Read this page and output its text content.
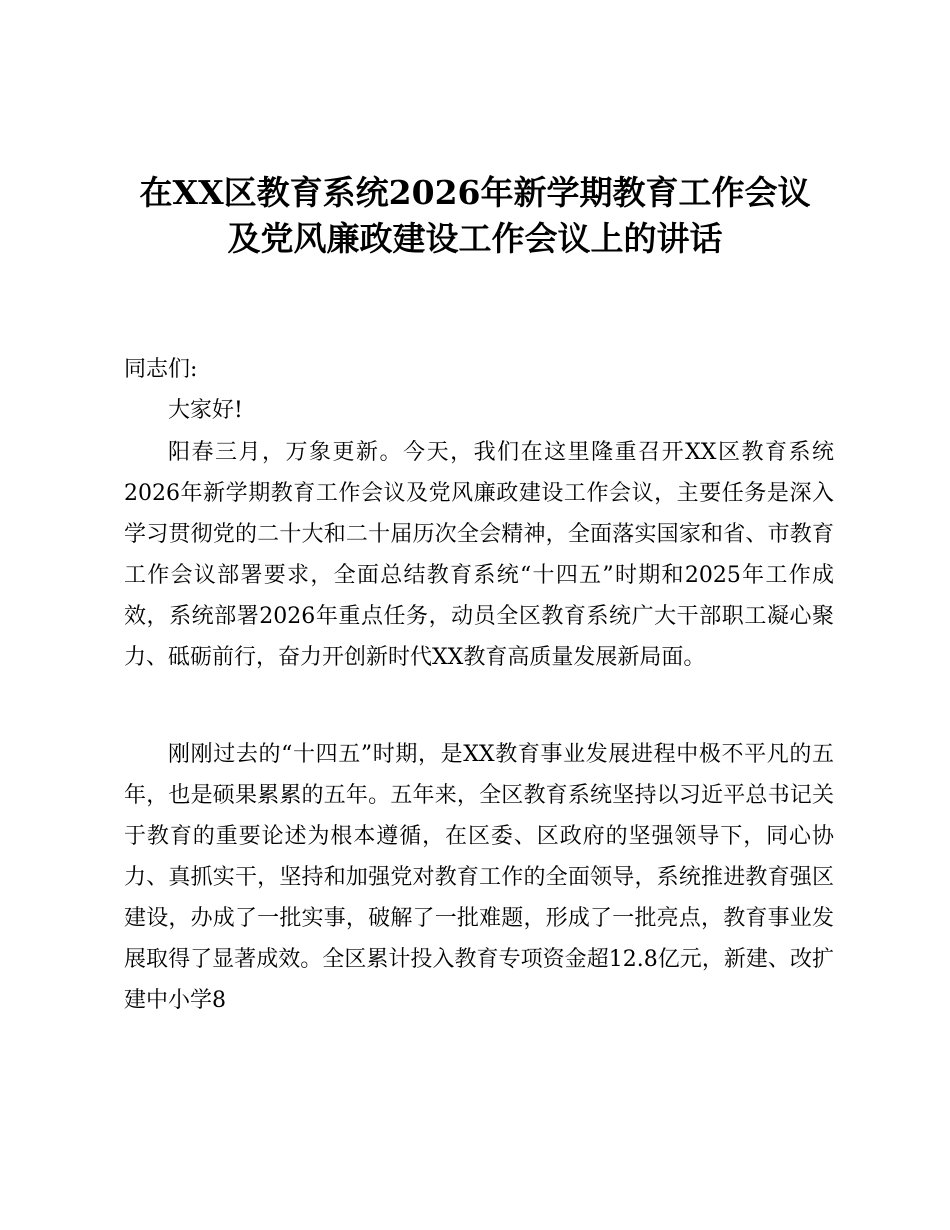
在XX区教育系统2026年新学期教育工作会议
及党风廉政建设工作会议上的讲话

同志们:

大家好!

阳春三月，万象更新。今天，我们在这里隆重召开XX区教育系统2026年新学期教育工作会议及党风廉政建设工作会议，主要任务是深入学习贯彻党的二十大和二十届历次全会精神，全面落实国家和省、市教育工作会议部署要求，全面总结教育系统“十四五”时期和2025年工作成效，系统部署2026年重点任务，动员全区教育系统广大干部职工凝心聚力、砥砺前行，奋力开创新时代XX教育高质量发展新局面。

刚刚过去的“十四五”时期，是XX教育事业发展进程中极不平凡的五年，也是硕果累累的五年。五年来，全区教育系统坚持以习近平总书记关于教育的重要论述为根本遵循，在区委、区政府的坚强领导下，同心协力、真抓实干，坚持和加强党对教育工作的全面领导，系统推进教育强区建设，办成了一批实事，破解了一批难题，形成了一批亮点，教育事业发展取得了显著成效。全区累计投入教育专项资金超12.8亿元，新建、改扩建中小学8
